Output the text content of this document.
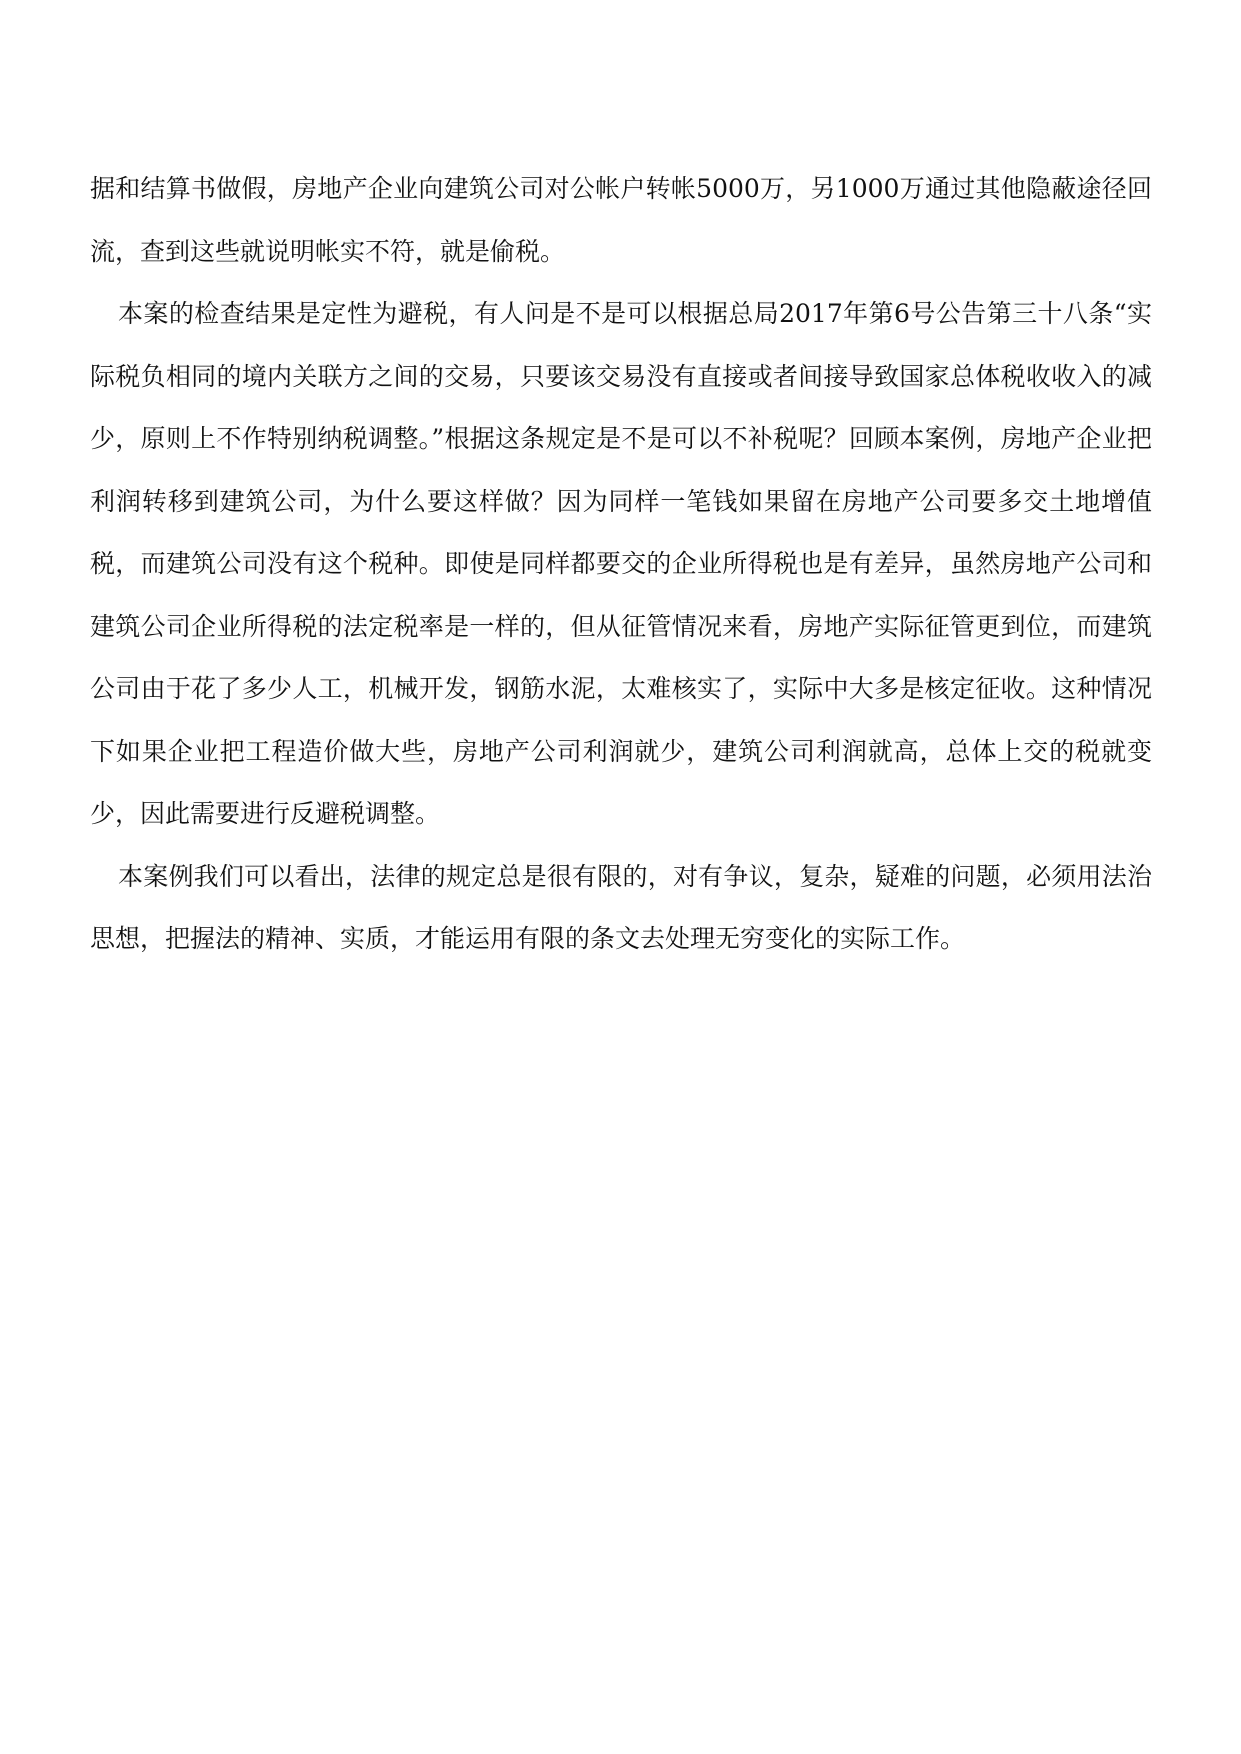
据和结算书做假，房地产企业向建筑公司对公帐户转帐5000万，另1000万通过其他隐蔽途径回流，查到这些就说明帐实不符，就是偷税。

本案的检查结果是定性为避税，有人问是不是可以根据总局2017年第6号公告第三十八条“实际税负相同的境内关联方之间的交易，只要该交易没有直接或者间接导致国家总体税收收入的减少，原则上不作特别纳税调整。”根据这条规定是不是可以不补税呢？回顾本案例，房地产企业把利润转移到建筑公司，为什么要这样做？因为同样一笔钱如果留在房地产公司要多交土地增值税，而建筑公司没有这个税种。即使是同样都要交的企业所得税也是有差异，虽然房地产公司和建筑公司企业所得税的法定税率是一样的，但从征管情况来看，房地产实际征管更到位，而建筑公司由于花了多少人工，机械开发，钢筋水泥，太难核实了，实际中大多是核定征收。这种情况下如果企业把工程造价做大些，房地产公司利润就少，建筑公司利润就高，总体上交的税就变少，因此需要进行反避税调整。

本案例我们可以看出，法律的规定总是很有限的，对有争议，复杂，疑难的问题，必须用法治思想，把握法的精神、实质，才能运用有限的条文去处理无穷变化的实际工作。
